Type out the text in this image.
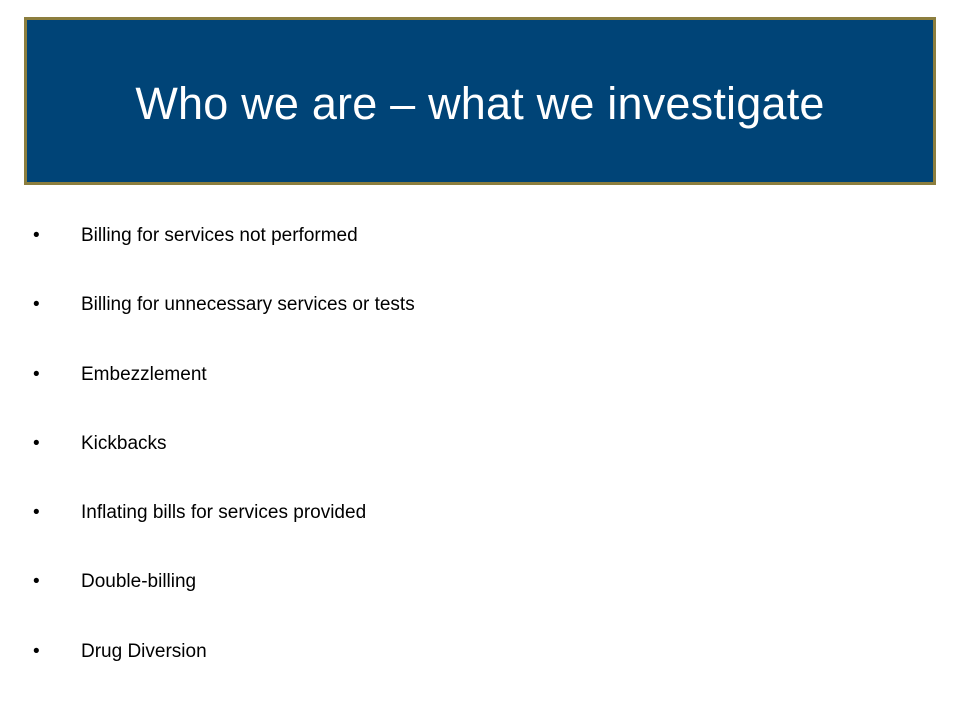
Who we are – what we investigate
• Billing for services not performed
• Billing for unnecessary services or tests
• Embezzlement
• Kickbacks
• Inflating bills for services provided
• Double-billing
• Drug Diversion
